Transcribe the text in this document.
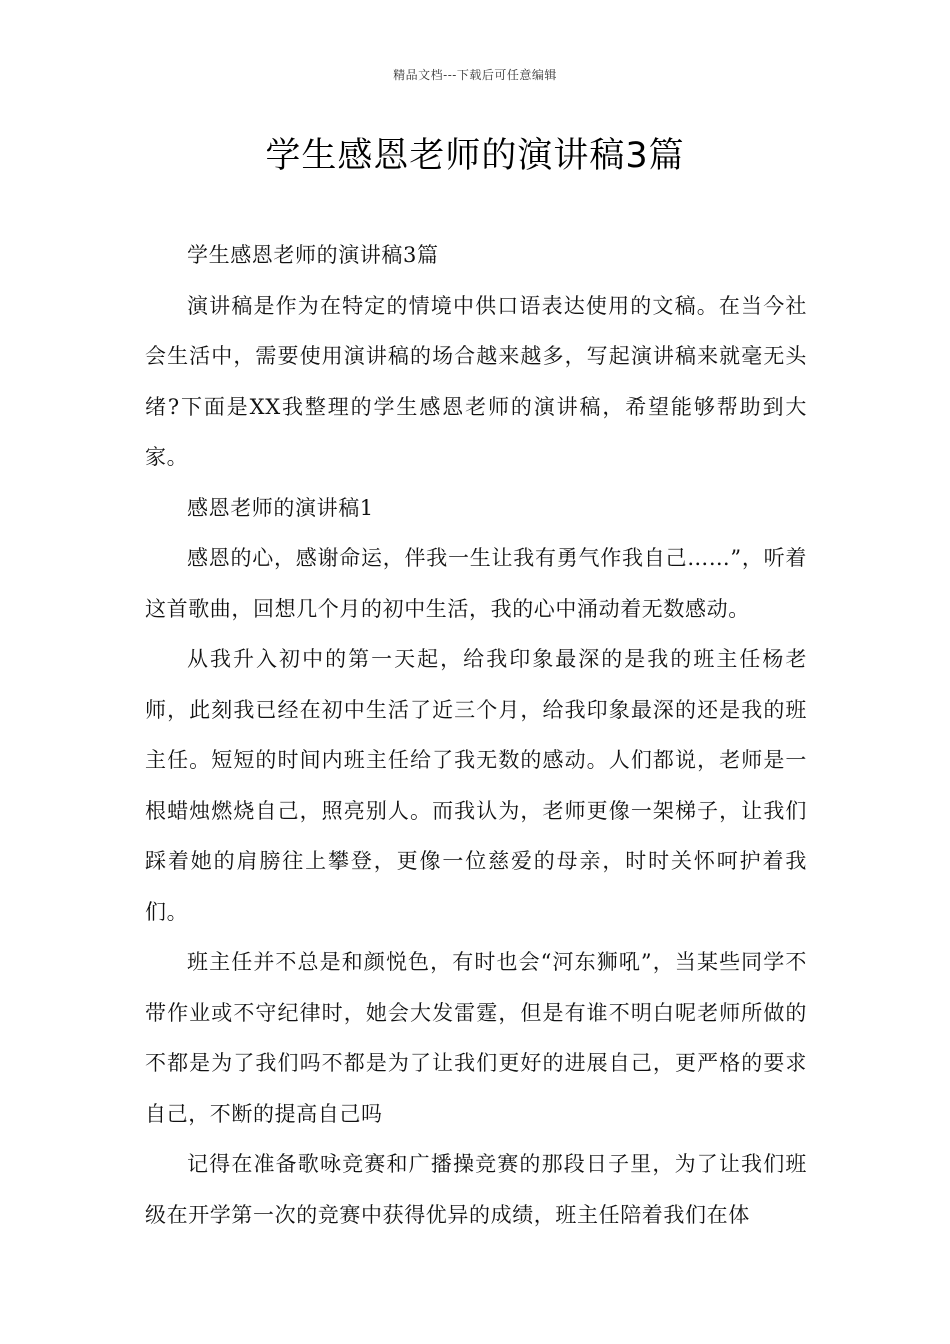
精品文档---下载后可任意编辑
学生感恩老师的演讲稿3篇

学生感恩老师的演讲稿3篇

演讲稿是作为在特定的情境中供口语表达使用的文稿。在当今社会生活中，需要使用演讲稿的场合越来越多，写起演讲稿来就毫无头绪?下面是XX我整理的学生感恩老师的演讲稿，希望能够帮助到大家。

感恩老师的演讲稿1

感恩的心，感谢命运，伴我一生让我有勇气作我自己……”，听着这首歌曲，回想几个月的初中生活，我的心中涌动着无数感动。

从我升入初中的第一天起，给我印象最深的是我的班主任杨老师，此刻我已经在初中生活了近三个月，给我印象最深的还是我的班主任。短短的时间内班主任给了我无数的感动。人们都说，老师是一根蜡烛燃烧自己，照亮别人。而我认为，老师更像一架梯子，让我们踩着她的肩膀往上攀登，更像一位慈爱的母亲，时时关怀呵护着我们。

班主任并不总是和颜悦色，有时也会“河东狮吼”，当某些同学不带作业或不守纪律时，她会大发雷霆，但是有谁不明白呢老师所做的不都是为了我们吗不都是为了让我们更好的进展自己，更严格的要求自己，不断的提高自己吗

记得在准备歌咏竞赛和广播操竞赛的那段日子里，为了让我们班级在开学第一次的竞赛中获得优异的成绩，班主任陪着我们在体
